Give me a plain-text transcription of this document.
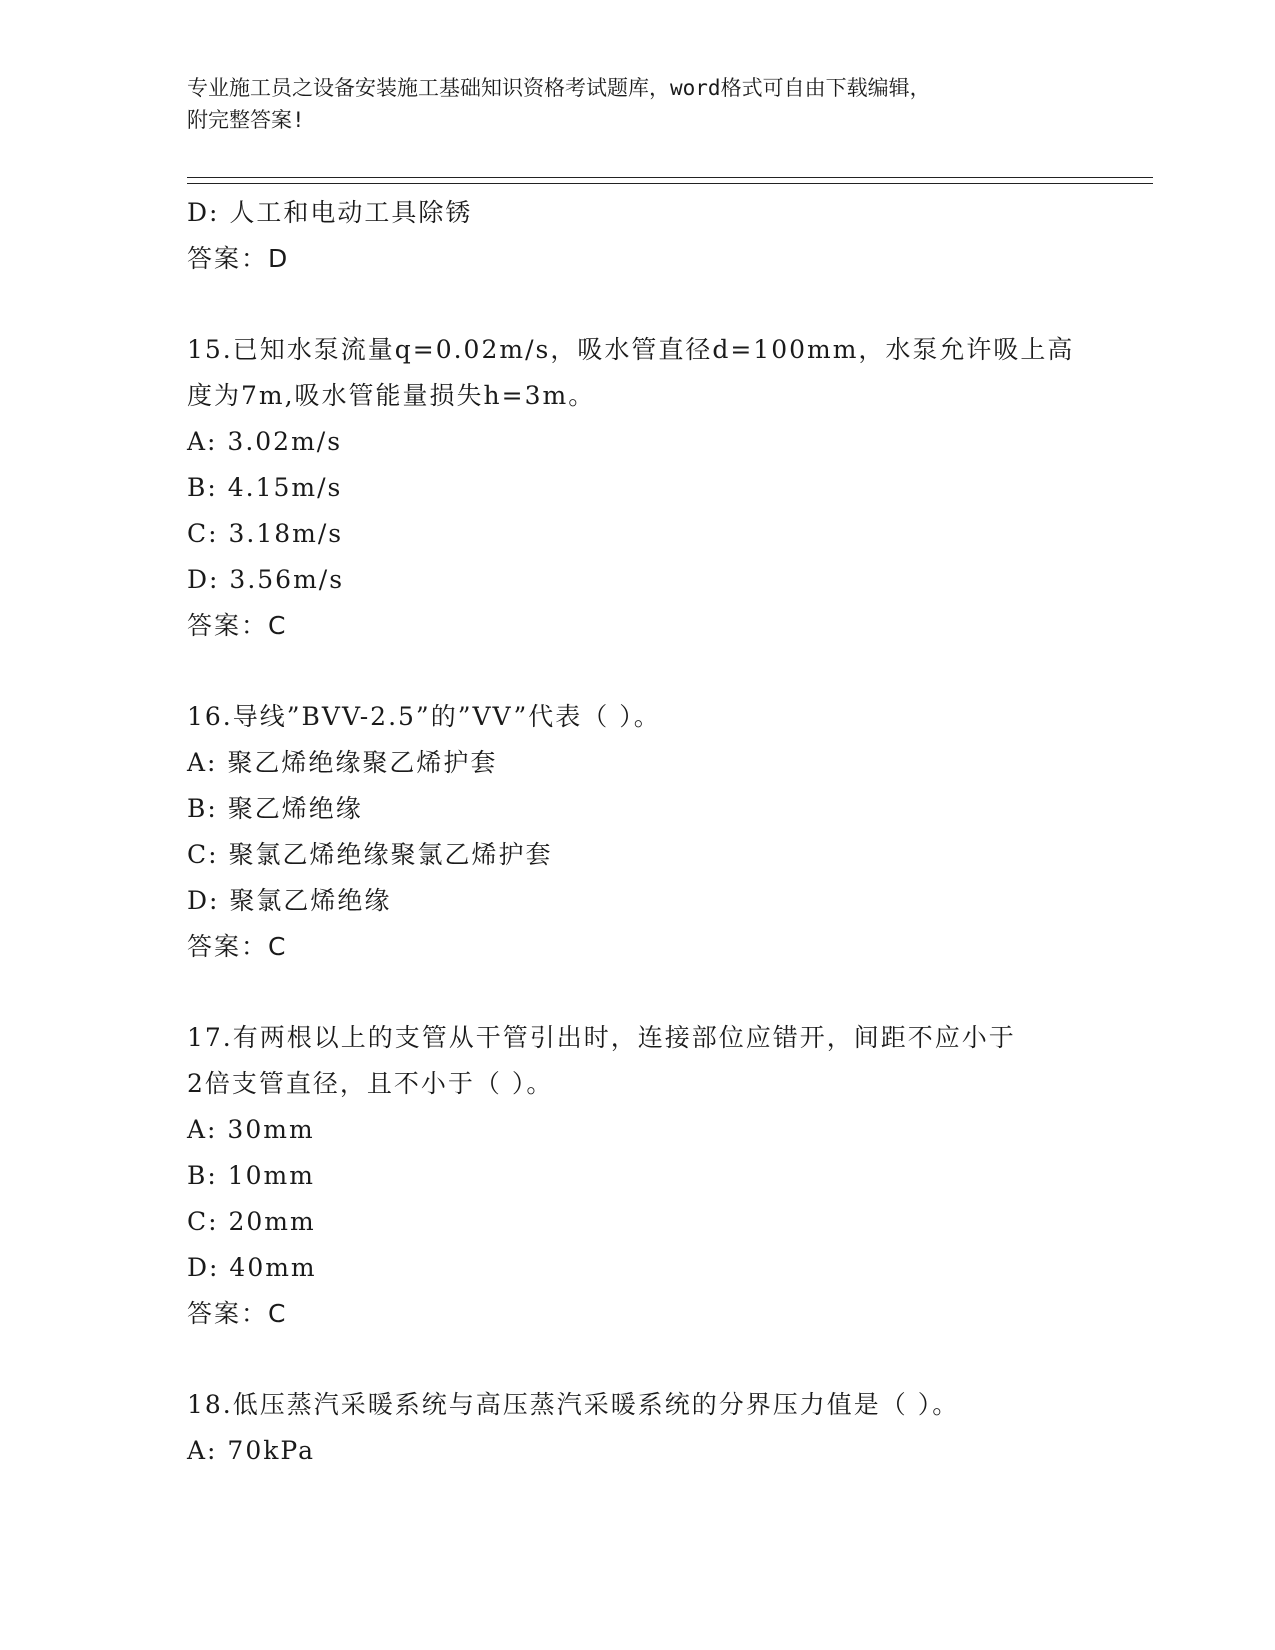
专业施工员之设备安装施工基础知识资格考试题库，word格式可自由下载编辑，
附完整答案!
D: 人工和电动工具除锈
答案：D
15.已知水泵流量q=0.02m/s，吸水管直径d=100mm，水泵允许吸上高
度为7m,吸水管能量损失h=3m。
A: 3.02m/s
B: 4.15m/s
C: 3.18m/s
D: 3.56m/s
答案：C
16.导线”BVV-2.5”的”VV”代表（ ）。
A: 聚乙烯绝缘聚乙烯护套
B: 聚乙烯绝缘
C: 聚氯乙烯绝缘聚氯乙烯护套
D: 聚氯乙烯绝缘
答案：C
17.有两根以上的支管从干管引出时，连接部位应错开，间距不应小于
2倍支管直径，且不小于（ ）。
A: 30mm
B: 10mm
C: 20mm
D: 40mm
答案：C
18.低压蒸汽采暖系统与高压蒸汽采暖系统的分界压力值是（ ）。
A: 70kPa
